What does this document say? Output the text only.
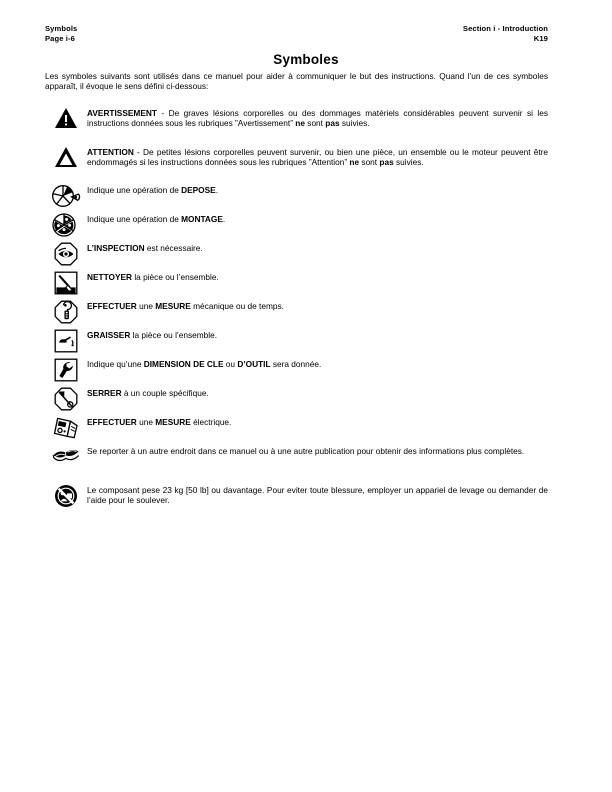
Symbols
Page i-6
Section i - Introduction
K19
Symboles
Les symboles suivants sont utilisés dans ce manuel pour aider à communiquer le but des instructions. Quand l’un de ces symboles apparaît, il évoque le sens défini ci-dessous:
AVERTISSEMENT - De graves lésions corporelles ou des dommages matériels considérables peuvent survenir si les instructions données sous les rubriques ”Avertissement” ne sont pas suivies.
ATTENTION - De petites lésions corporelles peuvent survenir, ou bien une pièce, un ensemble ou le moteur peuvent être endommagés si les instructions données sous les rubriques ”Attention” ne sont pas suivies.
Indique une opération de DEPOSE.
Indique une opération de MONTAGE.
L’INSPECTION est nécessaire.
NETTOYER la pièce ou l’ensemble.
EFFECTUER une MESURE mécanique ou de temps.
GRAISSER la pièce ou l’ensemble.
Indique qu’une DIMENSION DE CLE ou D’OUTIL sera donnée.
SERRER à un couple spécifique.
EFFECTUER une MESURE électrique.
Se reporter à un autre endroit dans ce manuel ou à une autre publication pour obtenir des informations plus complètes.
Le composant pese 23 kg [50 lb] ou davantage. Pour eviter toute blessure, employer un appariel de levage ou demander de l’aide pour le soulever.
